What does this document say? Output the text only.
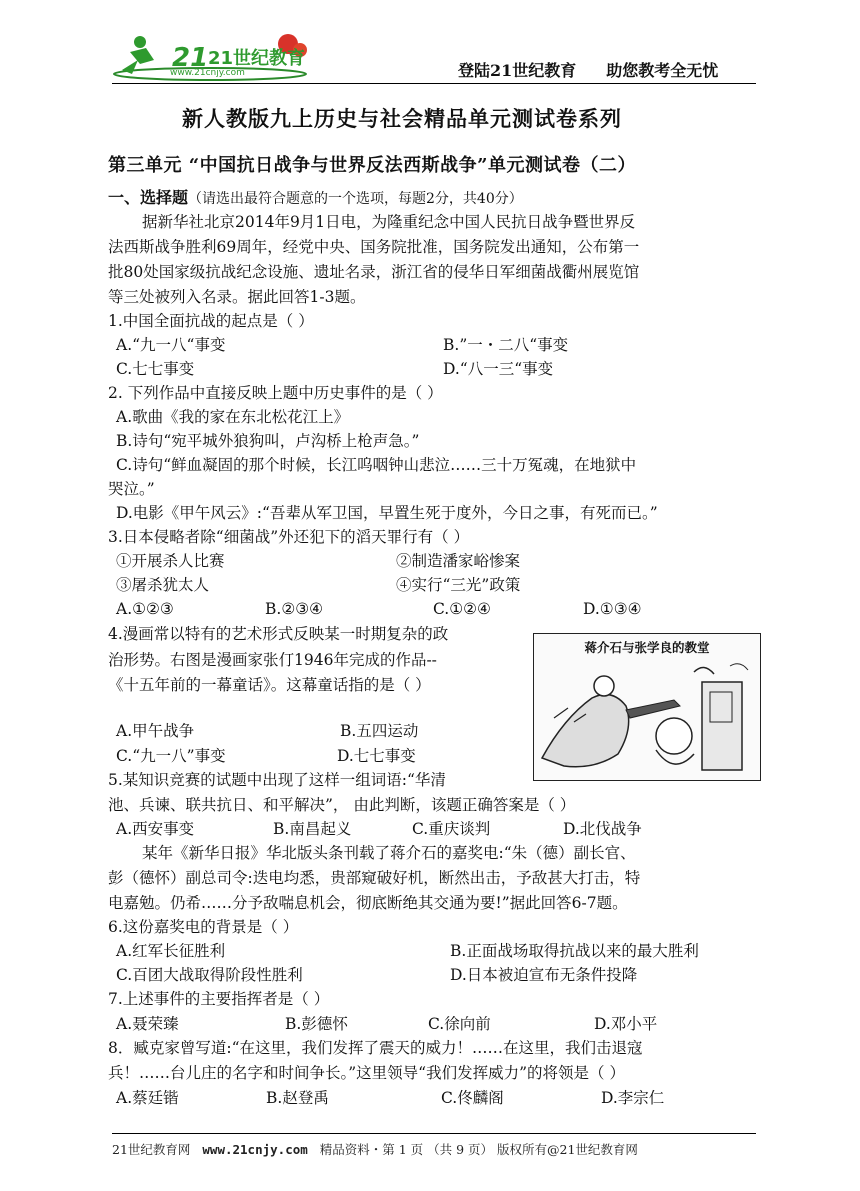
21 21世纪教育
www.21cnjy.com	登陆21世纪教育 助您教考全无忧
新人教版九上历史与社会精品单元测试卷系列
第三单元 “中国抗日战争与世界反法西斯战争”单元测试卷（二）
一、选择题（请选出最符合题意的一个选项，每题2分，共40分）
据新华社北京2014年9月1日电，为隆重纪念中国人民抗日战争暨世界反
法西斯战争胜利69周年，经党中央、国务院批准，国务院发出通知，公布第一
批80处国家级抗战纪念设施、遗址名录，浙江省的侵华日军细菌战衢州展览馆
等三处被列入名录。据此回答1-3题。
1.中国全面抗战的起点是（ ）
A.“九一八“事变	B.”一・二八“事变
C.七七事变	D.“八一三“事变
2. 下列作品中直接反映上题中历史事件的是（ ）
A.歌曲《我的家在东北松花江上》
B.诗句“宛平城外狼狗叫，卢沟桥上枪声急。”
C.诗句“鲜血凝固的那个时候，长江呜咽钟山悲泣……三十万冤魂，在地狱中
哭泣。”
D.电影《甲午风云》:“吾辈从军卫国，早置生死于度外，今日之事，有死而已。”
3.日本侵略者除“细菌战”外还犯下的滔天罪行有（ ）
①开展杀人比赛	②制造潘家峪惨案
③屠杀犹太人	④实行“三光”政策
A.①②③	B.②③④	C.①②④	D.①③④
4.漫画常以特有的艺术形式反映某一时期复杂的政
治形势。右图是漫画家张仃1946年完成的作品--
《十五年前的一幕童话》。这幕童话指的是（ ）
A.甲午战争	B.五四运动
C.“九一八”事变	D.七七事变
蒋介石与张学良的教堂
5.某知识竞赛的试题中出现了这样一组词语:“华清
池、兵谏、联共抗日、和平解决”， 由此判断，该题正确答案是（ ）
A.西安事变	B.南昌起义	C.重庆谈判	D.北伐战争
某年《新华日报》华北版头条刊载了蒋介石的嘉奖电:“朱（德）副长官、
彭（德怀）副总司令:迭电均悉，贵部窥破好机，断然出击，予敌甚大打击，特
电嘉勉。仍希……分予敌喘息机会，彻底断绝其交通为要!”据此回答6-7题。
6.这份嘉奖电的背景是（ ）
A.红军长征胜利	B.正面战场取得抗战以来的最大胜利
C.百团大战取得阶段性胜利	D.日本被迫宣布无条件投降
7.上述事件的主要指挥者是（ ）
A.聂荣臻	B.彭德怀	C.徐向前	D.邓小平
8．臧克家曾写道:“在这里，我们发挥了震天的威力！……在这里，我们击退寇
兵！……台儿庄的名字和时间争长。”这里领导“我们发挥威力”的将领是（ ）
A.蔡廷锴	B.赵登禹	C.佟麟阁	D.李宗仁
21世纪教育网 www.21cnjy.com 精品资料・第 1 页 （共 9 页） 版权所有@21世纪教育网
